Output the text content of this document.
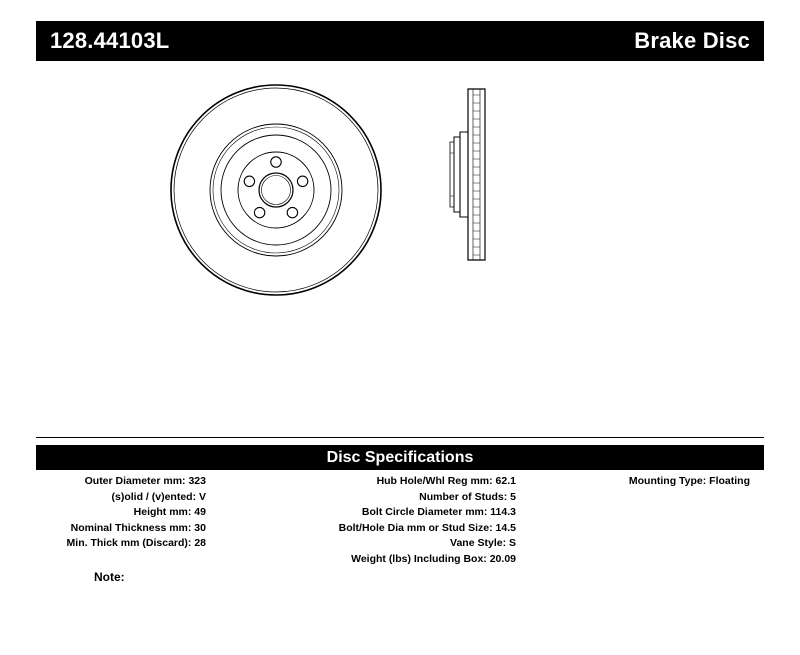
128.44103L	Brake Disc
Disc Specifications
Outer Diameter mm: 323
(s)olid / (v)ented: V
Height mm: 49
Nominal Thickness mm: 30
Min. Thick mm (Discard): 28
Hub Hole/Whl Reg mm: 62.1
Number of Studs: 5
Bolt Circle Diameter mm: 114.3
Bolt/Hole Dia mm or Stud Size: 14.5
Vane Style: S
Weight (lbs) Including Box: 20.09
Mounting Type: Floating
Note:
